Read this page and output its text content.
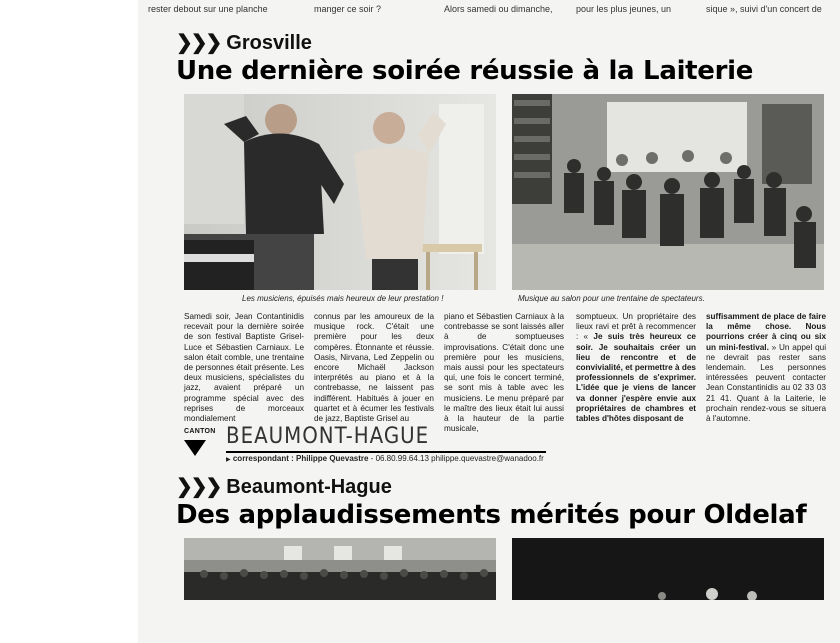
rester debout sur une planche	manger ce soir ?	Alors samedi ou dimanche,	pour les plus jeunes, un	sique », suivi d'un concert de
❯❯❯ Grosville
Une dernière soirée réussie à la Laiterie
Les musiciens, épuisés mais heureux de leur prestation !	Musique au salon pour une trentaine de spectateurs.
Samedi soir, Jean Contantinidis recevait pour la dernière soirée de son festival Baptiste Grisel-Luce et Sébastien Carniaux. Le salon était comble, une trentaine de personnes était présente. Les deux musiciens, spécialistes du jazz, avaient préparé un programme spécial avec des reprises de morceaux mondialement
connus par les amoureux de la musique rock. C'était une première pour les deux compères. Étonnante et réussie. Oasis, Nirvana, Led Zeppelin ou encore Michaël Jackson interprétés au piano et à la contrebasse, ne laissent pas indifférent. Habitués à jouer en quartet et à écumer les festivals de jazz, Baptiste Grisel au
piano et Sébastien Carniaux à la contrebasse se sont laissés aller à de somptueuses improvisations. C'était donc une première pour les musiciens, mais aussi pour les spectateurs qui, une fois le concert terminé, se sont mis à table avec les musiciens. Le menu préparé par le maître des lieux était lui aussi à la hauteur de la partie musicale,
somptueux. Un propriétaire des lieux ravi et prêt à recommencer : « Je suis très heureux ce soir. Je souhaitais créer un lieu de rencontre et de convivialité, et permettre à des professionnels de s'exprimer. L'idée que je viens de lancer va donner j'espère envie aux propriétaires de chambres et tables d'hôtes disposant de
suffisamment de place de faire la même chose. Nous pourrions créer à cinq ou six un mini-festival. » Un appel qui ne devrait pas rester sans lendemain. Les personnes intéressées peuvent contacter Jean Constantinidis au 02 33 03 21 41. Quant à la Laiterie, le prochain rendez-vous se situera à l'automne.
CANTON BEAUMONT-HAGUE
▶ correspondant : Philippe Quevastre - 06.80.99.64.13 philippe.quevastre@wanadoo.fr

❯❯❯ Beaumont-Hague
Des applaudissements mérités pour Oldelaf
